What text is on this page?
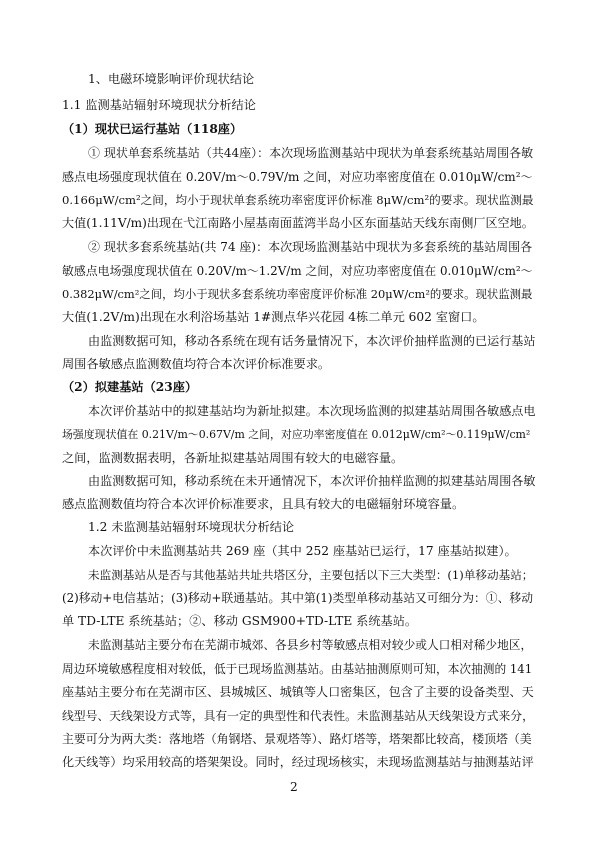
1、电磁环境影响评价现状结论
1.1 监测基站辐射环境现状分析结论
（1）现状已运行基站（118座）
① 现状单套系统基站（共44座）：本次现场监测基站中现状为单套系统基站周围各敏
感点电场强度现状值在 0.20V/m～0.79V/m 之间，对应功率密度值在 0.010μW/cm²～
0.166μW/cm²之间，均小于现状单套系统功率密度评价标准 8μW/cm²的要求。现状监测最
大值(1.11V/m)出现在弋江南路小屋基南面蓝湾半岛小区东面基站天线东南侧厂区空地。
② 现状多套系统基站(共 74 座)：本次现场监测基站中现状为多套系统的基站周围各
敏感点电场强度现状值在 0.20V/m～1.2V/m 之间，对应功率密度值在 0.010μW/cm²～
0.382μW/cm²之间，均小于现状多套系统功率密度评价标准 20μW/cm²的要求。现状监测最
大值(1.2V/m)出现在水利浴场基站 1#测点华兴花园 4栋二单元 602 室窗口。
由监测数据可知，移动各系统在现有话务量情况下，本次评价抽样监测的已运行基站
周围各敏感点监测数值均符合本次评价标准要求。
（2）拟建基站（23座）
本次评价基站中的拟建基站均为新址拟建。本次现场监测的拟建基站周围各敏感点电
场强度现状值在 0.21V/m～0.67V/m 之间，对应功率密度值在 0.012μW/cm²～0.119μW/cm²
之间，监测数据表明，各新址拟建基站周围有较大的电磁容量。
由监测数据可知，移动系统在未开通情况下，本次评价抽样监测的拟建基站周围各敏
感点监测数值均符合本次评价标准要求，且具有较大的电磁辐射环境容量。
1.2 未监测基站辐射环境现状分析结论
本次评价中未监测基站共 269 座（其中 252 座基站已运行，17 座基站拟建）。
未监测基站从是否与其他基站共址共塔区分，主要包括以下三大类型：(1)单移动基站；
(2)移动+电信基站；(3)移动+联通基站。其中第(1)类型单移动基站又可细分为：①、移动
单 TD-LTE 系统基站；②、移动 GSM900+TD-LTE 系统基站。
未监测基站主要分布在芜湖市城郊、各县乡村等敏感点相对较少或人口相对稀少地区，
周边环境敏感程度相对较低，低于已现场监测基站。由基站抽测原则可知，本次抽测的 141
座基站主要分布在芜湖市区、县城城区、城镇等人口密集区，包含了主要的设备类型、天
线型号、天线架设方式等，具有一定的典型性和代表性。未监测基站从天线架设方式来分，
主要可分为两大类：落地塔（角钢塔、景观塔等）、路灯塔等，塔架都比较高，楼顶塔（美
化天线等）均采用较高的塔架架设。同时，经过现场核实，未现场监测基站与抽测基站评
2
